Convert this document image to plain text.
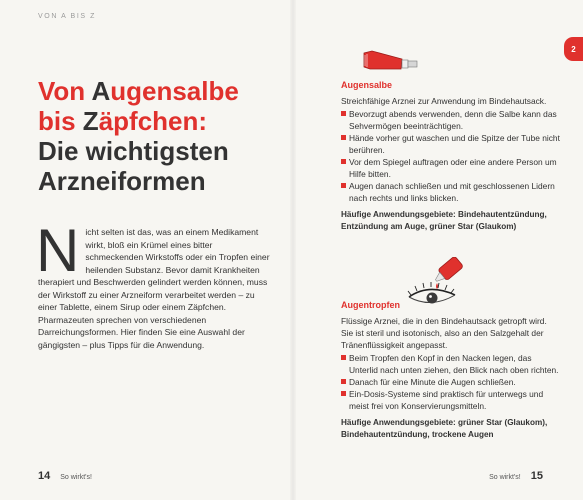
VON A BIS Z
2
Von Augensalbe
bis Zäpfchen:
Die wichtigsten
Arzneiformen
N icht selten ist das, was an einem Medikament wirkt, bloß ein Krümel eines bitter schmeckenden Wirkstoffs oder ein Tropfen einer heilenden Substanz. Bevor damit Krankheiten therapiert und Beschwerden gelindert werden können, muss der Wirkstoff zu einer Arzneiform verarbeitet werden – zu einer Tablette, einem Sirup oder einem Zäpfchen. Pharmazeuten sprechen von verschiedenen Darreichungsformen. Hier finden Sie eine Auswahl der gängigsten – plus Tipps für die Anwendung.
14 So wirkt's!
Augensalbe

Streichfähige Arznei zur Anwendung im Bindehautsack.

Bevorzugt abends verwenden, denn die Salbe kann das Sehvermögen beeinträchtigen.
Hände vorher gut waschen und die Spitze der Tube nicht berühren.
Vor dem Spiegel auftragen oder eine andere Person um Hilfe bitten.
Augen danach schließen und mit geschlossenen Lidern nach rechts und links blicken.

Häufige Anwendungsgebiete: Bindehautentzündung, Entzündung am Auge, grüner Star (Glaukom)

Augentropfen

Flüssige Arznei, die in den Bindehautsack getropft wird. Sie ist steril und isotonisch, also an den Salzgehalt der Tränenflüssigkeit angepasst.

Beim Tropfen den Kopf in den Nacken legen, das Unterlid nach unten ziehen, den Blick nach oben richten.
Danach für eine Minute die Augen schließen.
Ein-Dosis-Systeme sind praktisch für unterwegs und meist frei von Konservierungsmitteln.

Häufige Anwendungsgebiete: grüner Star (Glaukom), Bindehautentzündung, trockene Augen

So wirkt's! 15
